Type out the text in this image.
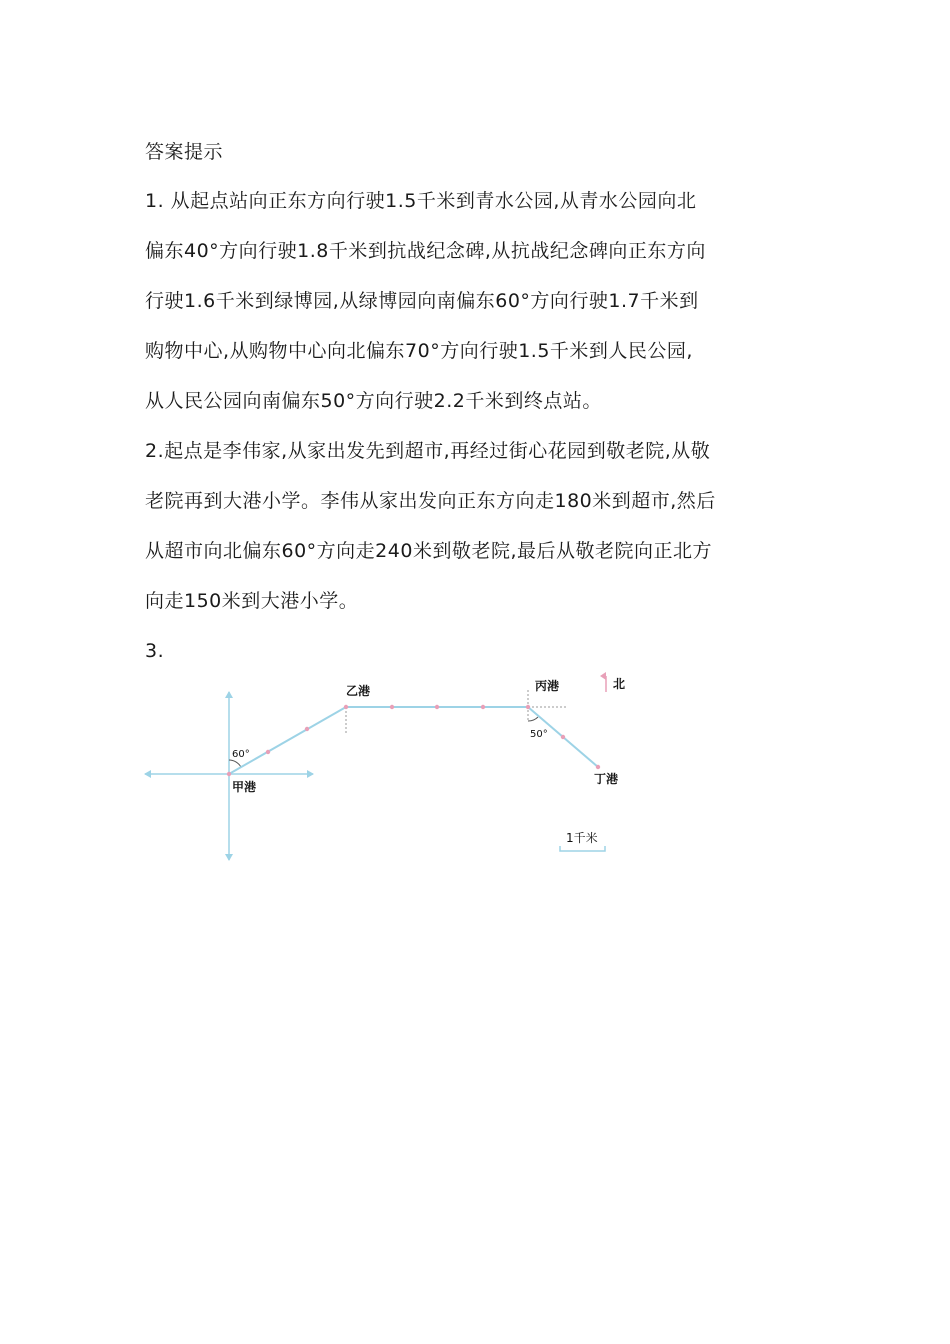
答案提示
1. 从起点站向正东方向行驶1.5千米到青水公园,从青水公园向北
偏东40°方向行驶1.8千米到抗战纪念碑,从抗战纪念碑向正东方向
行驶1.6千米到绿博园,从绿博园向南偏东60°方向行驶1.7千米到
购物中心,从购物中心向北偏东70°方向行驶1.5千米到人民公园,
从人民公园向南偏东50°方向行驶2.2千米到终点站。
2.起点是李伟家,从家出发先到超市,再经过街心花园到敬老院,从敬
老院再到大港小学。李伟从家出发向正东方向走180米到超市,然后
从超市向北偏东60°方向走240米到敬老院,最后从敬老院向正北方
向走150米到大港小学。
3.
60°
50°
甲港
乙港	丙港
丁港
北
1千米
